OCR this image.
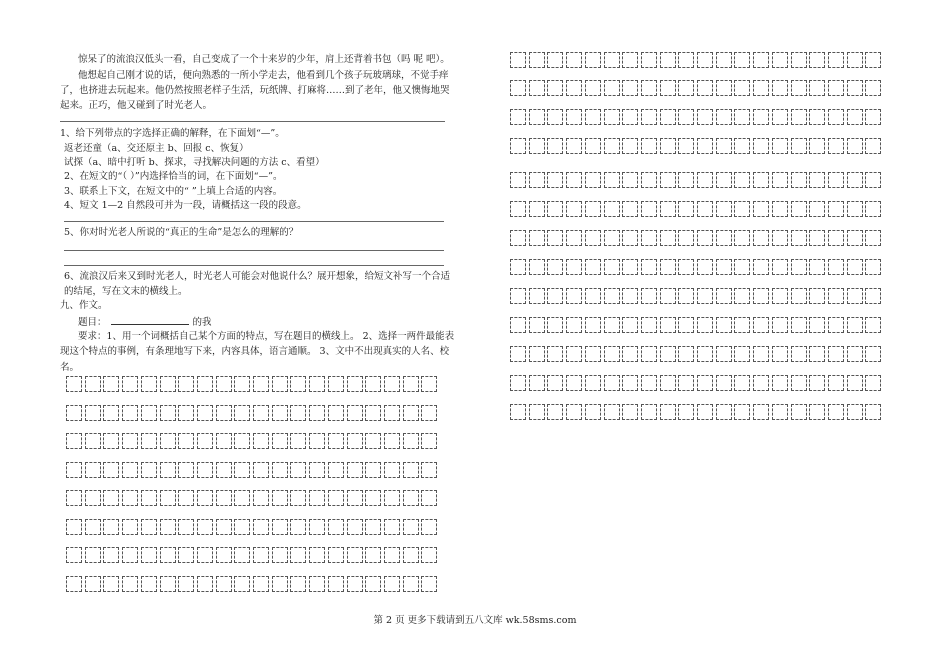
惊呆了的流浪汉低头一看，自己变成了一个十来岁的少年，肩上还背着书包（吗 呢 吧）。
他想起自己刚才说的话，便向熟悉的一所小学走去，他看到几个孩子玩玻璃球，不觉手痒
了，也挤进去玩起来。他仍然按照老样子生活，玩纸牌、打麻将……到了老年，他又懊悔地哭
起来。正巧，他又碰到了时光老人。
1、给下列带点的字选择正确的解释，在下面划“—”。
返老还童（a、交还原主 b、回报 c、恢复）
试探（a、暗中打听 b、探求，寻找解决问题的方法 c、看望）
2、在短文的“（ ）”内选择恰当的词，在下面划“—”。
3、联系上下文，在短文中的“ ”上填上合适的内容。
4、短文 1—2 自然段可并为一段，请概括这一段的段意。
5、你对时光老人所说的“真正的生命”是怎么的理解的？
6、流浪汉后来又到时光老人，时光老人可能会对他说什么？展开想象，给短文补写一个合适
的结尾，写在文末的横线上。
九、作文。
题目：	的我
要求：1、用一个词概括自己某个方面的特点，写在题目的横线上。 2、选择一两件最能表
现这个特点的事例，有条理地写下来，内容具体，语言通顺。 3、文中不出现真实的人名、校
名。
第 2 页 更多下载请到五八文库 wk.58sms.com
